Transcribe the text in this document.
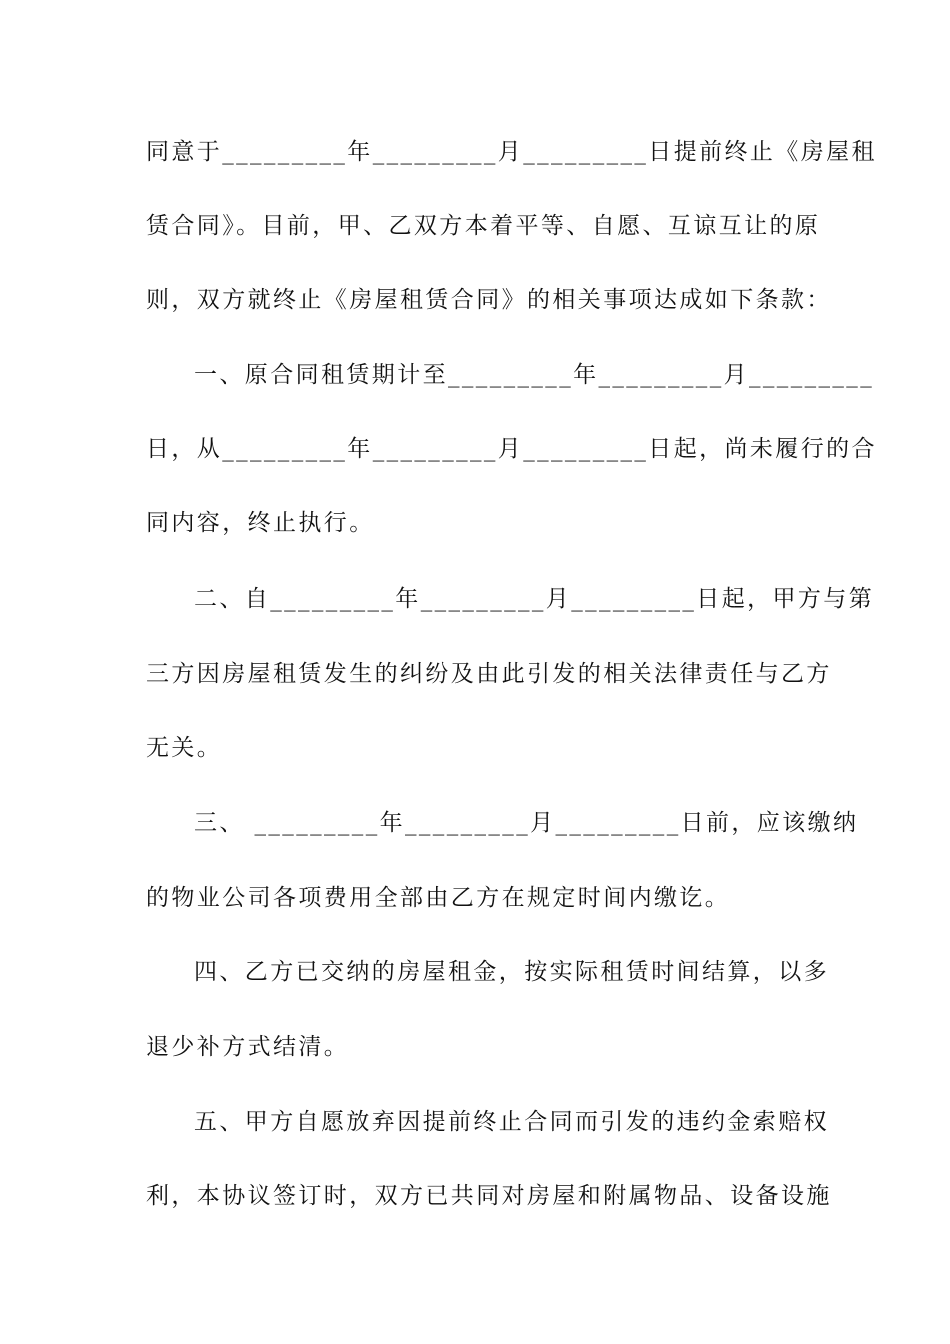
同意于_________年_________月_________日提前终止《房屋租
赁合同》。目前，甲、乙双方本着平等、自愿、互谅互让的原
则，双方就终止《房屋租赁合同》的相关事项达成如下条款：
一、原合同租赁期计至_________年_________月_________
日，从_________年_________月_________日起，尚未履行的合
同内容，终止执行。
二、自_________年_________月_________日起，甲方与第
三方因房屋租赁发生的纠纷及由此引发的相关法律责任与乙方
无关。
三、 _________年_________月_________日前，应该缴纳
的物业公司各项费用全部由乙方在规定时间内缴讫。
四、乙方已交纳的房屋租金，按实际租赁时间结算，以多
退少补方式结清。
五、甲方自愿放弃因提前终止合同而引发的违约金索赔权
利，本协议签订时，双方已共同对房屋和附属物品、设备设施
